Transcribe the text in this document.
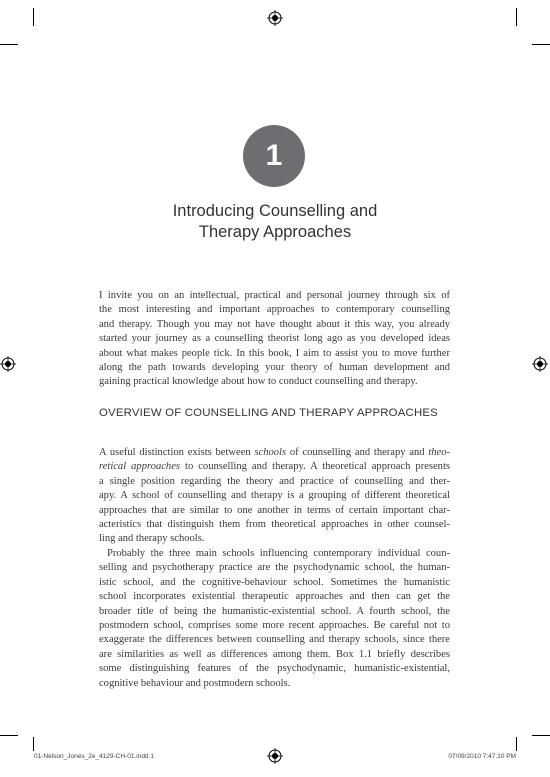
1
Introducing Counselling and
Therapy Approaches
I invite you on an intellectual, practical and personal journey through six of
the most interesting and important approaches to contemporary counselling
and therapy. Though you may not have thought about it this way, you already
started your journey as a counselling theorist long ago as you developed ideas
about what makes people tick. In this book, I aim to assist you to move further
along the path towards developing your theory of human development and
gaining practical knowledge about how to conduct counselling and therapy.
OVERVIEW OF COUNSELLING AND THERAPY APPROACHES
A useful distinction exists between schools of counselling and therapy and theo-
retical approaches to counselling and therapy. A theoretical approach presents
a single position regarding the theory and practice of counselling and ther-
apy. A school of counselling and therapy is a grouping of different theoretical
approaches that are similar to one another in terms of certain important char-
acteristics that distinguish them from theoretical approaches in other counsel-
ling and therapy schools.
Probably the three main schools influencing contemporary individual coun-
selling and psychotherapy practice are the psychodynamic school, the human-
istic school, and the cognitive-behaviour school. Sometimes the humanistic
school incorporates existential therapeutic approaches and then can get the
broader title of being the humanistic-existential school. A fourth school, the
postmodern school, comprises some more recent approaches. Be careful not to
exaggerate the differences between counselling and therapy schools, since there
are similarities as well as differences among them. Box 1.1 briefly describes
some distinguishing features of the psychodynamic, humanistic-existential,
cognitive behaviour and postmodern schools.
01-Nelson_Jones_2e_4129-CH-01.indd 1	07/09/2010 7:47:10 PM
